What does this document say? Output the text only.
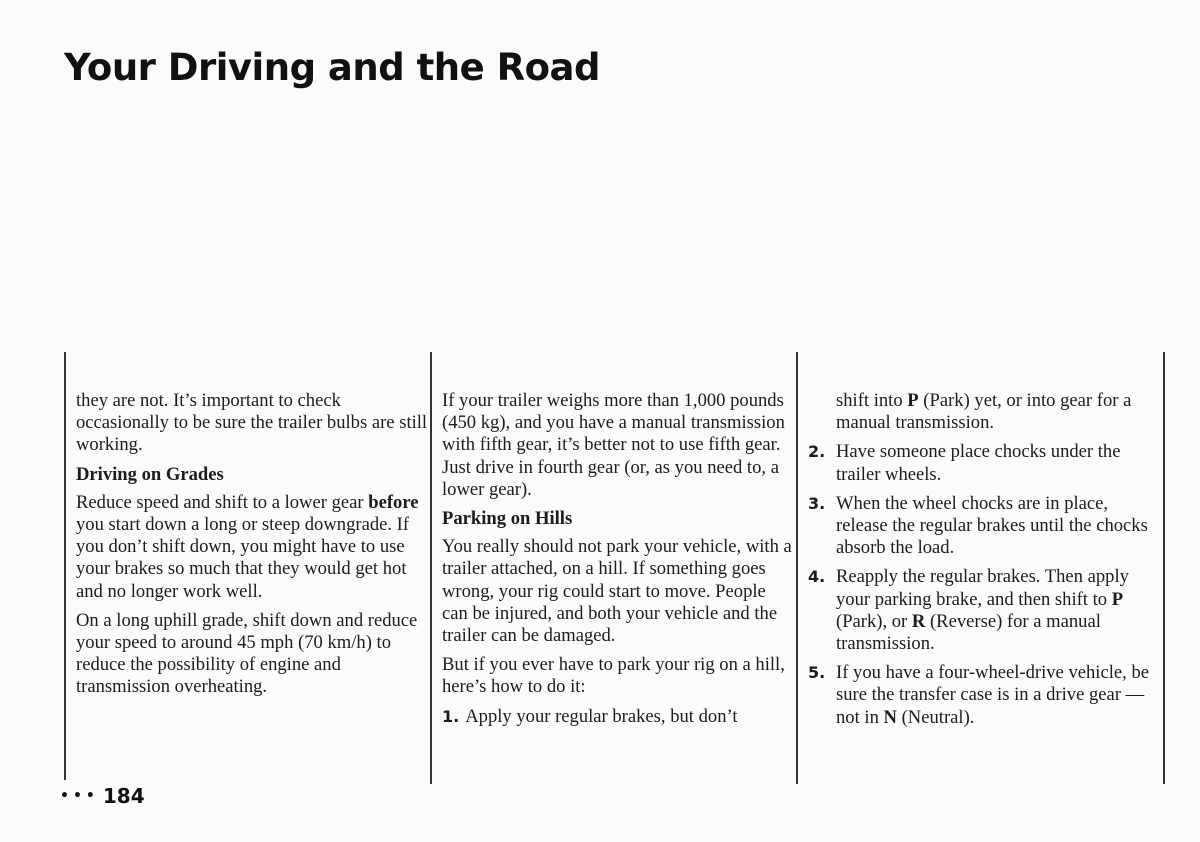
Your Driving and the Road

they are not. It’s important to check occasionally to be sure the trailer bulbs are still working.

Driving on Grades

Reduce speed and shift to a lower gear before you start down a long or steep downgrade. If you don’t shift down, you might have to use your brakes so much that they would get hot and no longer work well.

On a long uphill grade, shift down and reduce your speed to around 45 mph (70 km/h) to reduce the possibility of engine and transmission overheating.

If your trailer weighs more than 1,000 pounds (450 kg), and you have a manual transmission with fifth gear, it’s better not to use fifth gear. Just drive in fourth gear (or, as you need to, a lower gear).

Parking on Hills

You really should not park your vehicle, with a trailer attached, on a hill. If something goes wrong, your rig could start to move. People can be injured, and both your vehicle and the trailer can be damaged.

But if you ever have to park your rig on a hill, here’s how to do it:

1. Apply your regular brakes, but don’t

shift into P (Park) yet, or into gear for a manual transmission.

2. Have someone place chocks under the trailer wheels.

3. When the wheel chocks are in place, release the regular brakes until the chocks absorb the load.

4. Reapply the regular brakes. Then apply your parking brake, and then shift to P (Park), or R (Reverse) for a manual transmission.

5. If you have a four-wheel-drive vehicle, be sure the transfer case is in a drive gear — not in N (Neutral).

••• 184
